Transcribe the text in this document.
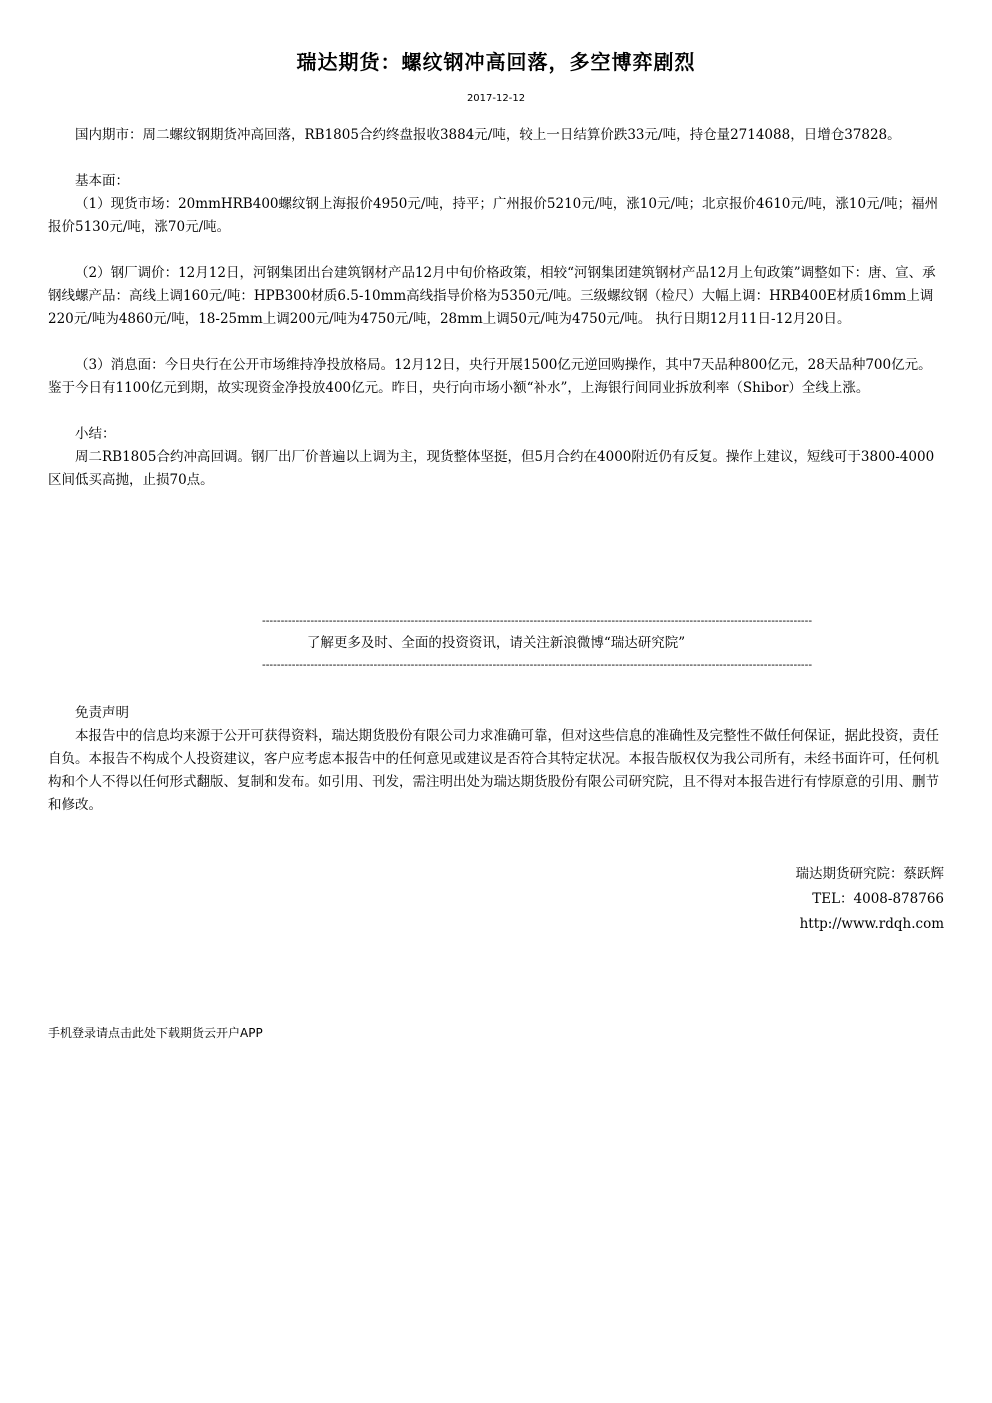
瑞达期货：螺纹钢冲高回落，多空博弈剧烈
2017-12-12

国内期市：周二螺纹钢期货冲高回落，RB1805合约终盘报收3884元/吨，较上一日结算价跌33元/吨，持仓量2714088，日增仓37828。

基本面：

（1）现货市场：20mmHRB400螺纹钢上海报价4950元/吨，持平；广州报价5210元/吨，涨10元/吨；北京报价4610元/吨，涨10元/吨；福州报价5130元/吨，涨70元/吨。

（2）钢厂调价：12月12日，河钢集团出台建筑钢材产品12月中旬价格政策，相较“河钢集团建筑钢材产品12月上旬政策”调整如下：唐、宣、承钢线螺产品：高线上调160元/吨：HPB300材质6.5-10mm高线指导价格为5350元/吨。三级螺纹钢（检尺）大幅上调：HRB400E材质16mm上调220元/吨为4860元/吨，18-25mm上调200元/吨为4750元/吨，28mm上调50元/吨为4750元/吨。 执行日期12月11日-12月20日。

（3）消息面：今日央行在公开市场维持净投放格局。12月12日，央行开展1500亿元逆回购操作，其中7天品种800亿元，28天品种700亿元。鉴于今日有1100亿元到期，故实现资金净投放400亿元。昨日，央行向市场小额“补水”，上海银行间同业拆放利率（Shibor）全线上涨。

小结：

周二RB1805合约冲高回调。钢厂出厂价普遍以上调为主，现货整体坚挺，但5月合约在4000附近仍有反复。操作上建议，短线可于3800-4000区间低买高抛，止损70点。

----------------------------------------------------------------------------------------------------------------------------------------------------
了解更多及时、全面的投资资讯，请关注新浪微博“瑞达研究院”
----------------------------------------------------------------------------------------------------------------------------------------------------

免责声明

本报告中的信息均来源于公开可获得资料，瑞达期货股份有限公司力求准确可靠，但对这些信息的准确性及完整性不做任何保证，据此投资，责任自负。本报告不构成个人投资建议，客户应考虑本报告中的任何意见或建议是否符合其特定状况。本报告版权仅为我公司所有，未经书面许可，任何机构和个人不得以任何形式翻版、复制和发布。如引用、刊发，需注明出处为瑞达期货股份有限公司研究院，且不得对本报告进行有悖原意的引用、删节和修改。

瑞达期货研究院：蔡跃辉
TEL：4008-878766
http://www.rdqh.com
手机登录请点击此处下载期货云开户APP
